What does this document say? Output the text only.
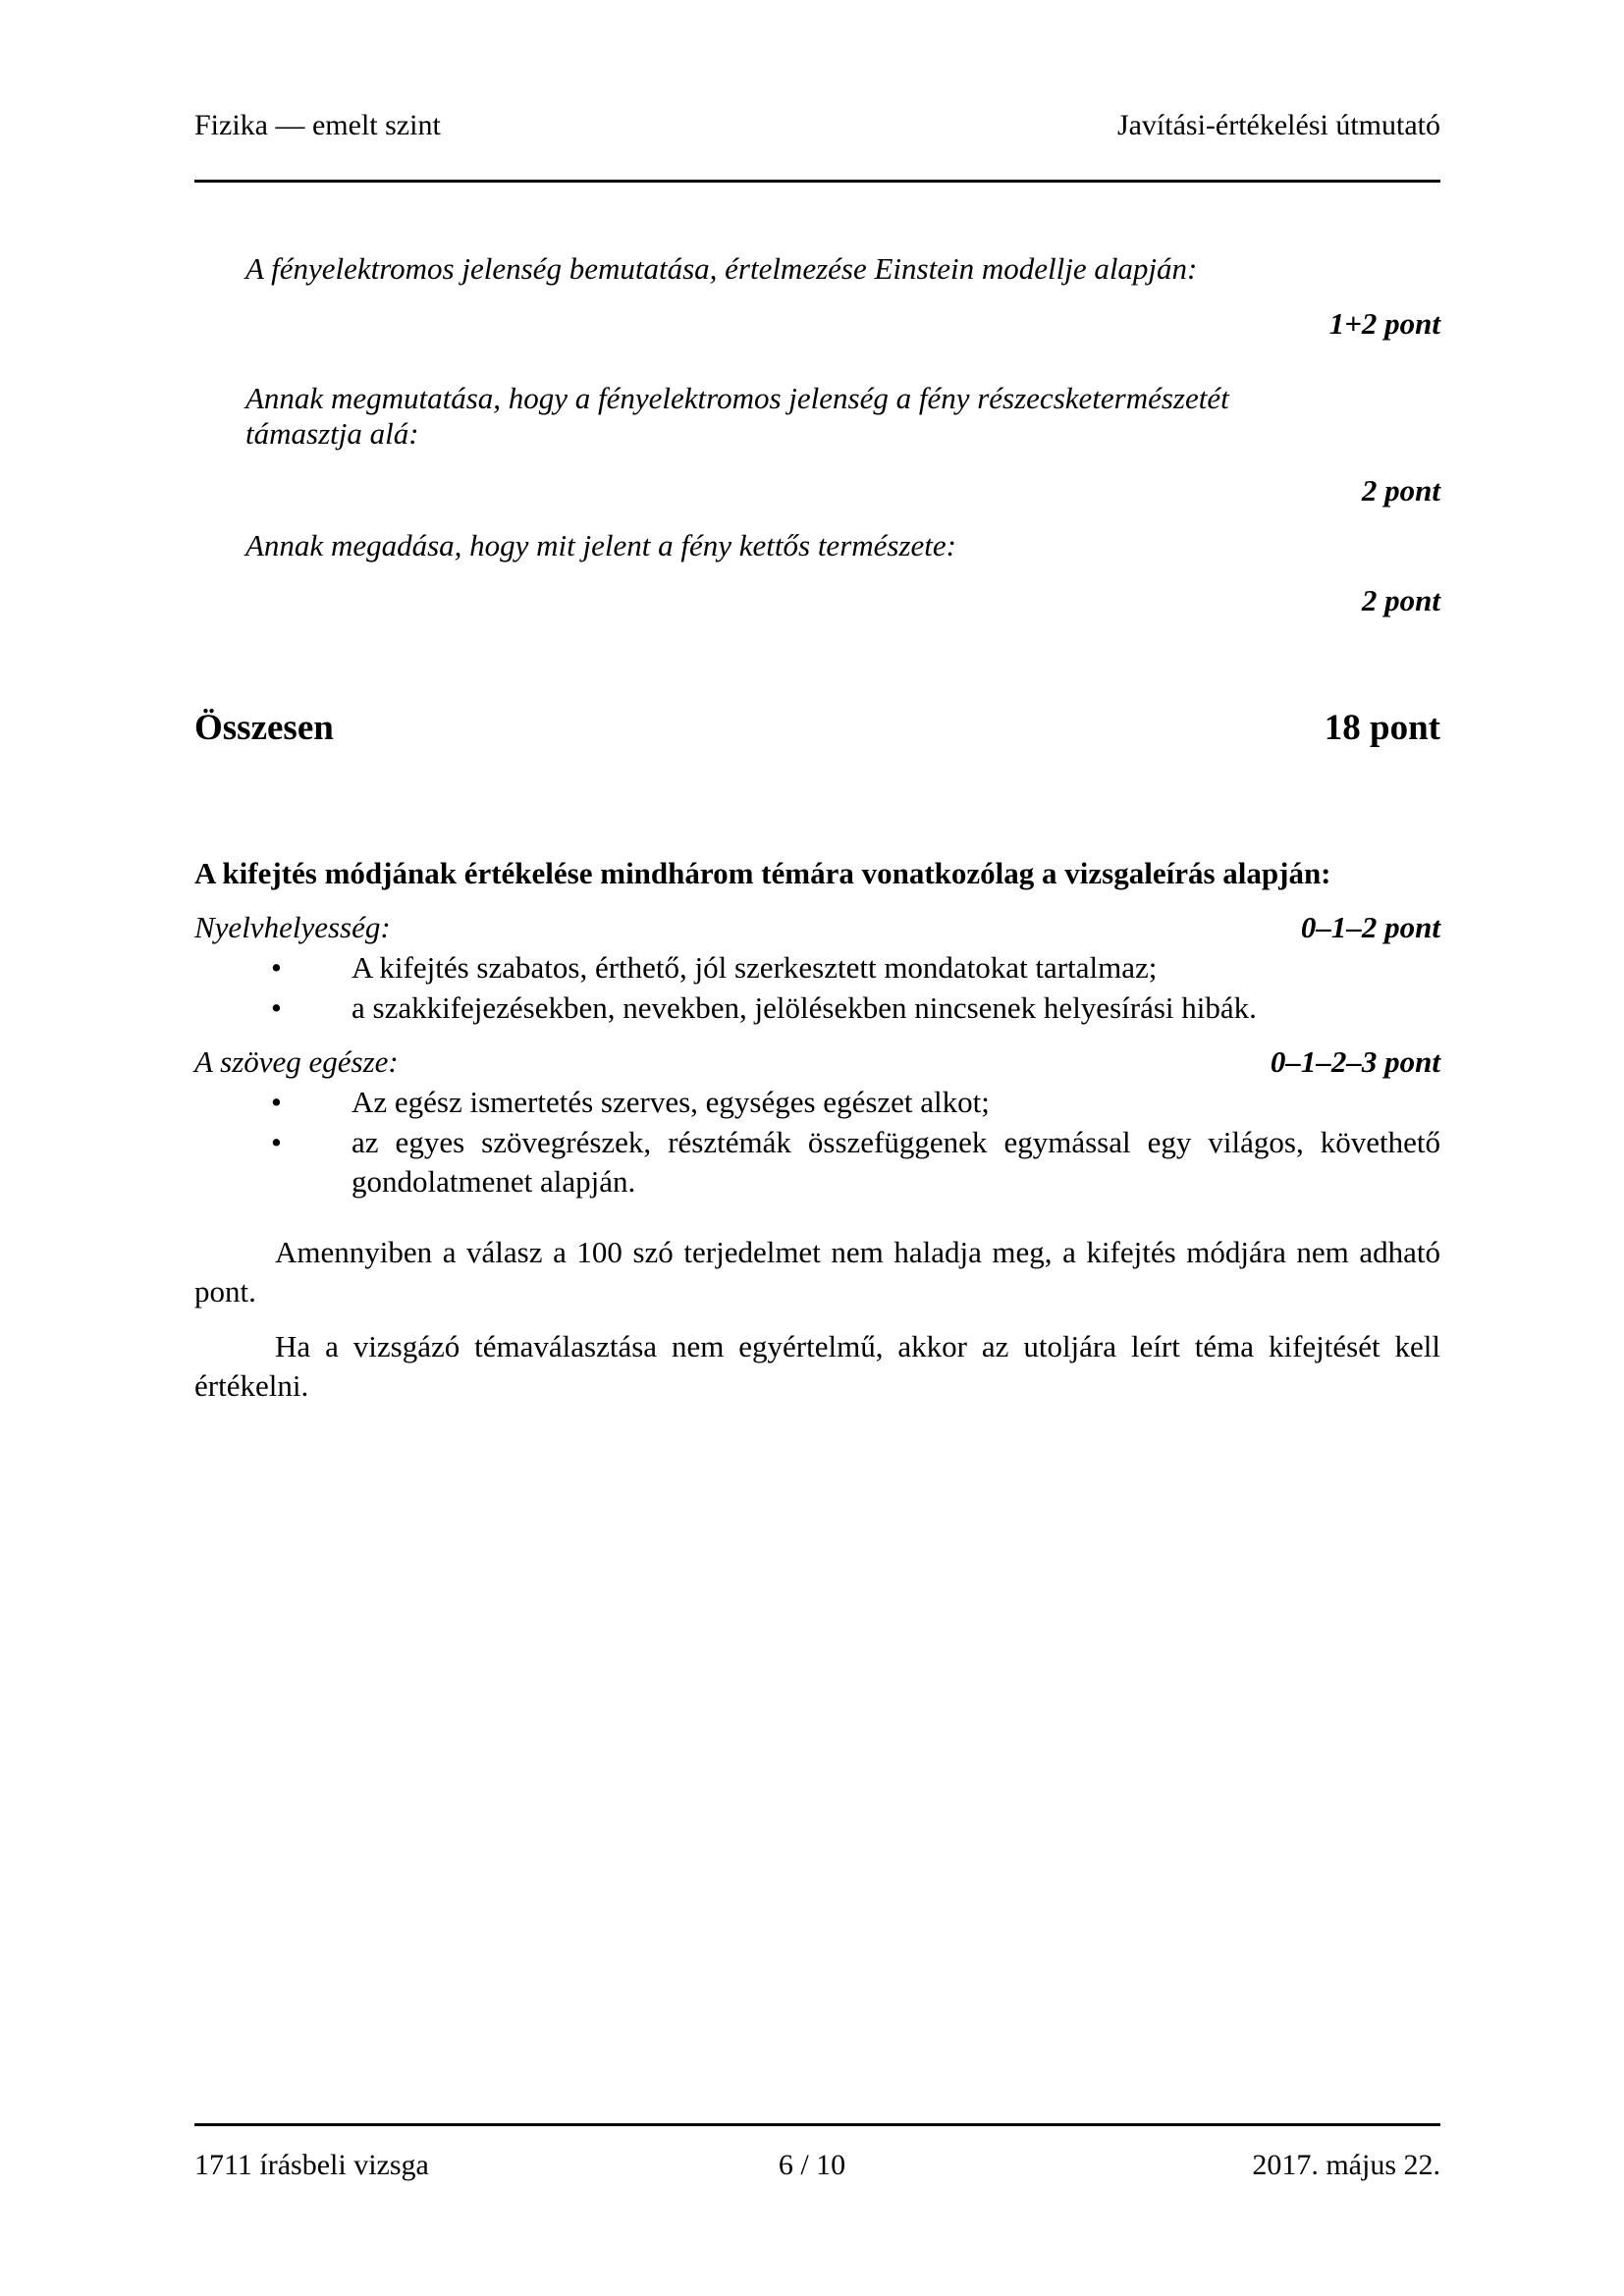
Fizika — emelt szint	Javítási-értékelési útmutató
A fényelektromos jelenség bemutatása, értelmezése Einstein modellje alapján:
1+2 pont
Annak megmutatása, hogy a fényelektromos jelenség a fény részecsketermészetét támasztja alá:
2 pont
Annak megadása, hogy mit jelent a fény kettős természete:
2 pont
Összesen	18 pont
A kifejtés módjának értékelése mindhárom témára vonatkozólag a vizsgaleírás alapján:
Nyelvhelyesség:	0–1–2 pont
•	A kifejtés szabatos, érthető, jól szerkesztett mondatokat tartalmaz;
•	a szakkifejezésekben, nevekben, jelölésekben nincsenek helyesírási hibák.
A szöveg egésze:	0–1–2–3 pont
•	Az egész ismertetés szerves, egységes egészet alkot;
•	az egyes szövegrészek, résztémák összefüggenek egymással egy világos, követhető gondolatmenet alapján.
Amennyiben a válasz a 100 szó terjedelmet nem haladja meg, a kifejtés módjára nem adható pont.
Ha a vizsgázó témaválasztása nem egyértelmű, akkor az utoljára leírt téma kifejtését kell értékelni.
1711 írásbeli vizsga	6 / 10	2017. május 22.
